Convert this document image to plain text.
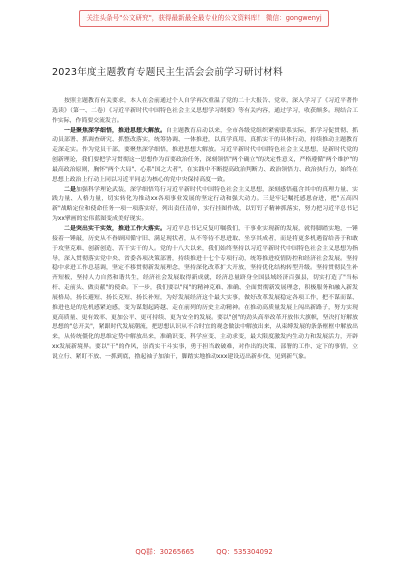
关注头条号"公文研究"，获得最新最全最专业的公文资料库！ 微信：gongwenyj
2023年度主题教育专题民主生活会会前学习研讨材料

按照主题教育有关要求，本人在会前通过个人自学再次重温了党的二十大报告、党章，深入学习了《习近平著作选读》（第一、二卷）《习近平新时代中国特色社会主义思想学习纲要》等有关内容，通过学习，收获颇多。现结合工作实际，作简要交流发言。

一是聚焦深学细悟，推进思想大解放。自主题教育启动以来，全市各级党组织紧密联系实际，抓学习促贯彻、抓动员部署、抓调查研究、抓整改落实，统筹协调、一体推进，以真学真用、真抓实干的具体行动，持续推动主题教育走深走实。作为党员干部，要聚焦深学细悟，推进思想大解放。习近平新时代中国特色社会主义思想，是新时代党的创新理论，我们要把学习贯彻这一思想作为首要政治任务，深刻领悟"两个确立"的决定性意义，严格遵循"两个维护"的最高政治原则，胸怀"两个大局"、心系"国之大者"，在实践中不断提高政治判断力、政治领悟力、政治执行力，始终在思想上政治上行动上同以习近平同志为核心的党中央保持高度一致。

二是加强科学理论武装，深学细悟笃行习近平新时代中国特色社会主义思想，深刻感悟蕴含其中的真理力量、实践力量、人格力量，切实转化为推动xx各项事业发展的坚定行动和强大动力。三是牢记嘱托感恩奋进，把"五高四新"战略定位和使命任务一项一项落实好，列出责任清单，实行挂图作战，以钉钉子精神抓落实，努力把习近平总书记为xx擘画的宏伟蓝图变成美好现实。

二是突出实干实效，推进工作大落实。习近平总书记反复叮嘱我们，干事业实现新的发展，就得脚踏实地，一锤接着一锤敲，历史从不眷顾因循守旧、满足现状者，从不等待不思进取、坐享其成者，而是将更多机遇留给善于和敢于攻坚克难、创新创造、苦干实干的人。党的十八大以来，我们始终坚持以习近平新时代中国特色社会主义思想为指导，深入贯彻落实党中央、省委各项决策部署，持续推进十七个专项行动，统筹推进疫情防控和经济社会发展。坚持稳中求进工作总基调，坚定不移贯彻新发展理念，坚持深化改革扩大开放，坚持优化结构转型升级。坚持贯彻民生补齐短板，坚持人力自然和谐共生，经济社会发展取得新成就，经济总量跻身全国县域经济百强县，切实打造了"当标杆、走前头、做贡献"的使命。下一步，我们要以"闯"的精神克难、准确、全面贯彻新发展理念，积极服务和融入新发展格局，扬长避短、扬长克短、扬长补短，为好发展经济这个最大实事，做好改革发展稳定各项工作，把不谋而谋、推进也是的危机感紧迫感，变为谋划起跨越、走在前列的历史主动精神。在推动高质量发展上闯出新路子，努力实现更高质量、更有效率、更加公平、更可持续、更为安全的发展。要以"创"的劲头高举改革开放伟大旗帜，坚决打好解放思想的"总开关"，紧跟时代发展潮流，把思想认识从不合时宜的观念做法中解放出来，从束缚发展的条条框框中解放出来，从传统僵化的思维定势中解放出来，准确识变、科学应变、主动求变，最大限度激发内生动力和发展活力，开辟xx发展新境界。要以"干"的作风，崇尚实干斗实事，勇于担当敢破难，对作出的决策、部署的工作、定下的事情，立说立行、紧盯不放、一抓到底，撸起袖子加油干，脚踏实地推动xxx建设迈出新步伐、见到新气象。

QQ群：30265665	QQ：535304092
